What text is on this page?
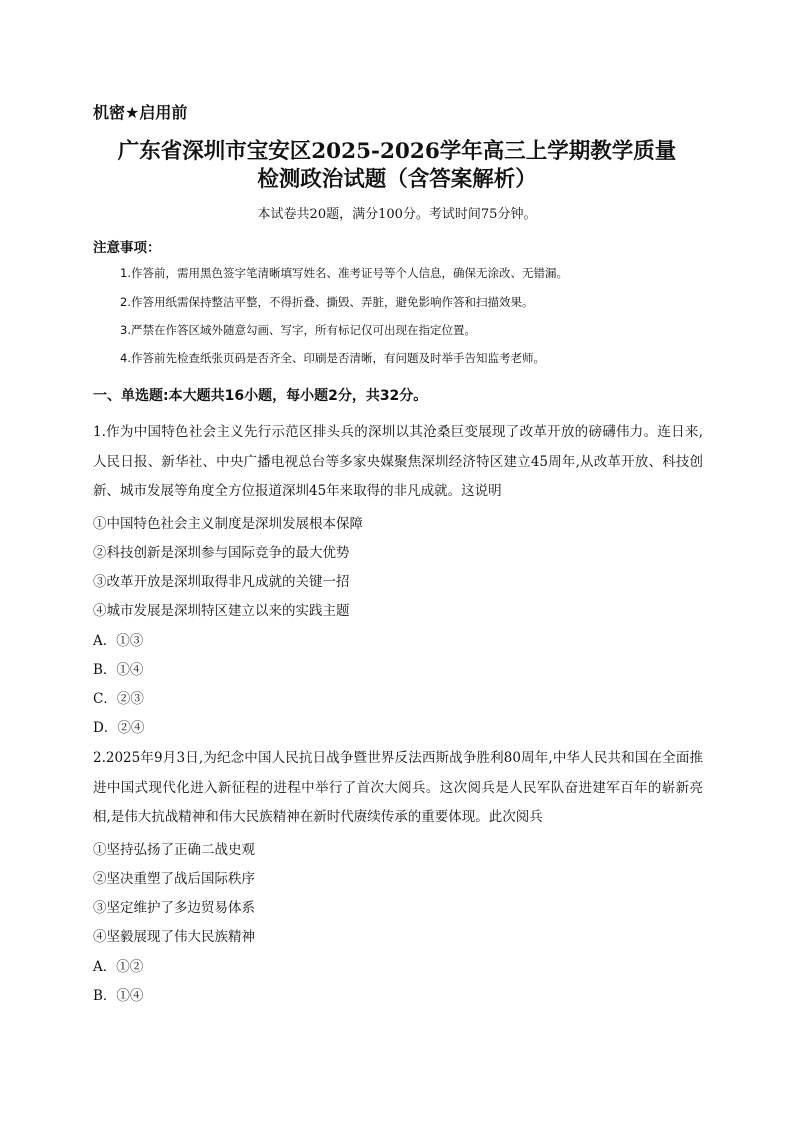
机密★启用前
广东省深圳市宝安区2025-2026学年高三上学期教学质量
检测政治试题（含答案解析）
本试卷共20题，满分100分。考试时间75分钟。
注意事项：
1.作答前，需用黑色签字笔清晰填写姓名、准考证号等个人信息，确保无涂改、无错漏。
2.作答用纸需保持整洁平整，不得折叠、撕毁、弄脏，避免影响作答和扫描效果。
3.严禁在作答区域外随意勾画、写字，所有标记仅可出现在指定位置。
4.作答前先检查纸张页码是否齐全、印刷是否清晰，有问题及时举手告知监考老师。
一、单选题:本大题共16小题，每小题2分，共32分。
1.作为中国特色社会主义先行示范区排头兵的深圳以其沧桑巨变展现了改革开放的磅礴伟力。连日来,人民日报、新华社、中央广播电视总台等多家央媒聚焦深圳经济特区建立45周年,从改革开放、科技创新、城市发展等角度全方位报道深圳45年来取得的非凡成就。这说明
①中国特色社会主义制度是深圳发展根本保障
②科技创新是深圳参与国际竞争的最大优势
③改革开放是深圳取得非凡成就的关键一招
④城市发展是深圳特区建立以来的实践主题
A．①③
B．①④
C．②③
D．②④
2.2025年9月3日,为纪念中国人民抗日战争暨世界反法西斯战争胜利80周年,中华人民共和国在全面推进中国式现代化进入新征程的进程中举行了首次大阅兵。这次阅兵是人民军队奋进建军百年的崭新亮相,是伟大抗战精神和伟大民族精神在新时代赓续传承的重要体现。此次阅兵
①坚持弘扬了正确二战史观
②坚决重塑了战后国际秩序
③坚定维护了多边贸易体系
④坚毅展现了伟大民族精神
A．①②
B．①④
